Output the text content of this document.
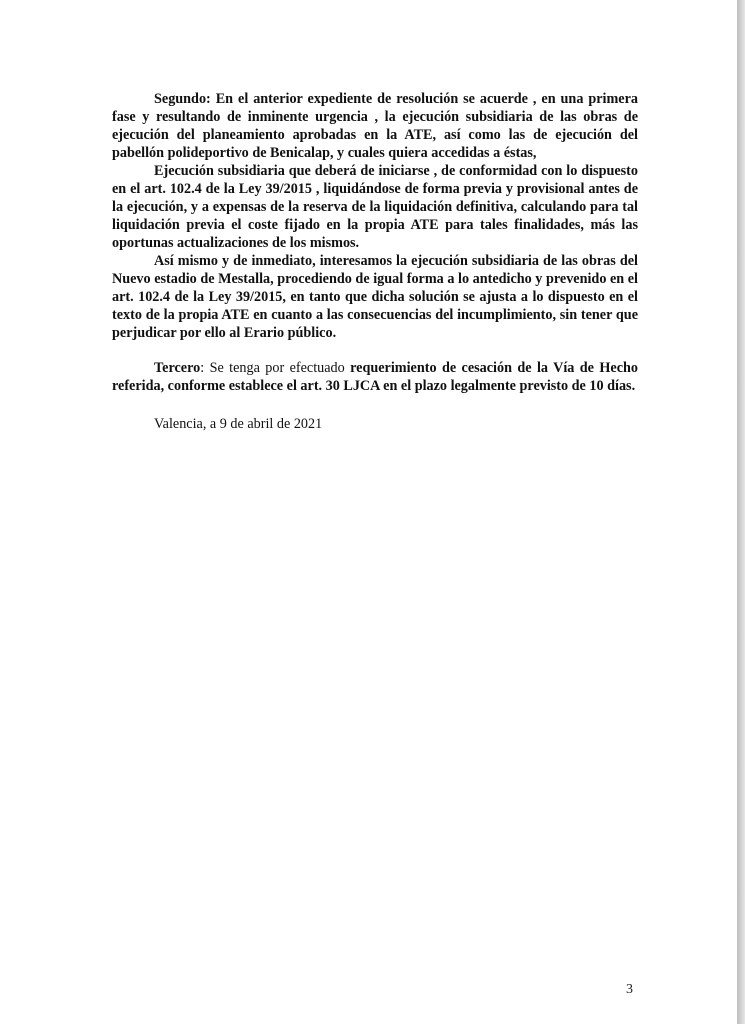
Segundo: En el anterior expediente de resolución se acuerde , en una primera fase y resultando de inminente urgencia , la ejecución subsidiaria de las obras de ejecución del planeamiento aprobadas en la ATE, así como las de ejecución del pabellón polideportivo de Benicalap, y cuales quiera accedidas a éstas,

Ejecución subsidiaria que deberá de iniciarse , de conformidad con lo dispuesto en el art. 102.4 de la Ley 39/2015 , liquidándose de forma previa y provisional antes de la ejecución, y a expensas de la reserva de la liquidación definitiva, calculando para tal liquidación previa el coste fijado en la propia ATE para tales finalidades, más las oportunas actualizaciones de los mismos.

Así mismo y de inmediato, interesamos la ejecución subsidiaria de las obras del Nuevo estadio de Mestalla, procediendo de igual forma a lo antedicho y prevenido en el art. 102.4 de la Ley 39/2015, en tanto que dicha solución se ajusta a lo dispuesto en el texto de la propia ATE en cuanto a las consecuencias del incumplimiento, sin tener que perjudicar por ello al Erario público.

Tercero: Se tenga por efectuado requerimiento de cesación de la Vía de Hecho referida, conforme establece el art. 30 LJCA en el plazo legalmente previsto de 10 días.

Valencia, a 9 de abril de 2021

3
